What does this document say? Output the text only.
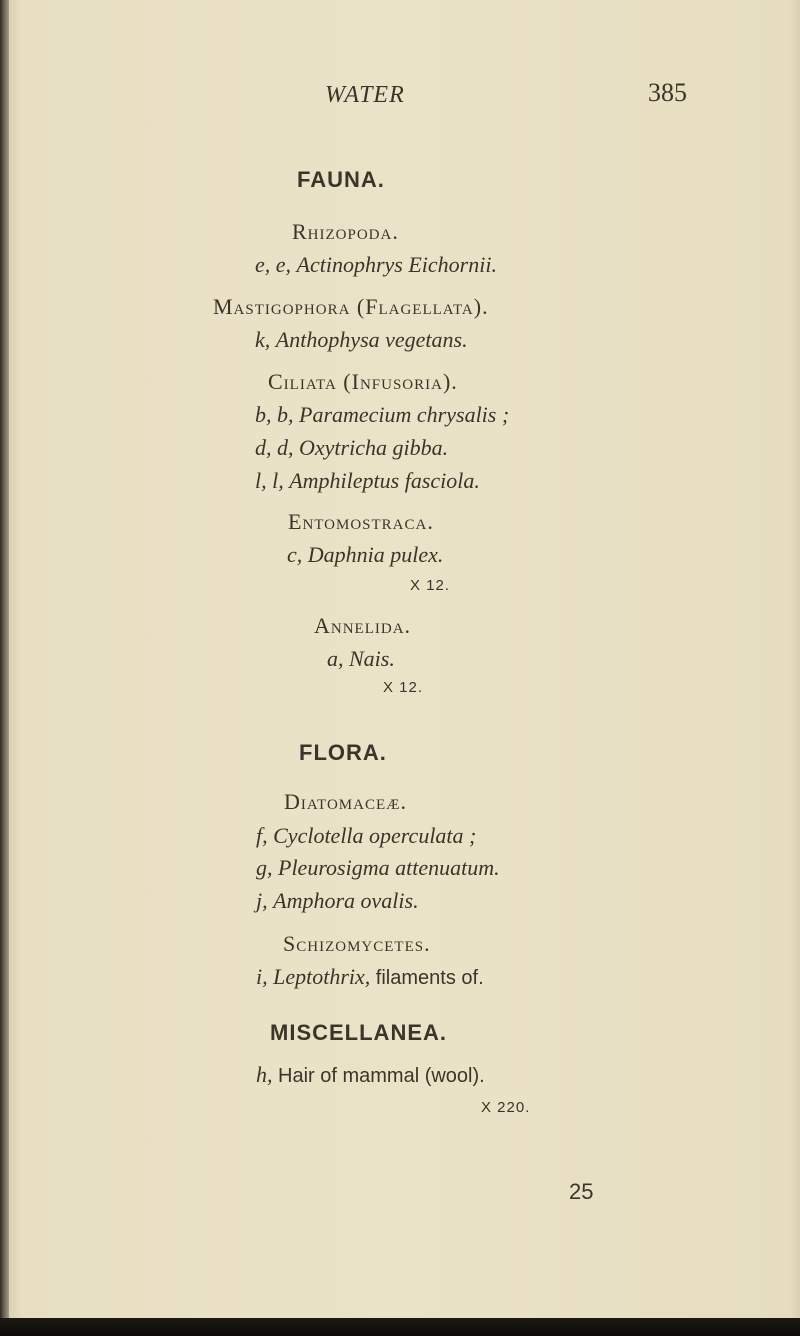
WATER	385
FAUNA.
Rhizopoda.
e, e, Actinophrys Eichornii.
Mastigophora (Flagellata).
k, Anthophysa vegetans.
Ciliata (Infusoria).
b, b, Paramecium chrysalis ;
d, d, Oxytricha gibba.
l, l, Amphileptus fasciola.
Entomostraca.
c, Daphnia pulex.
X 12.
Annelida.
a, Nais.
X 12.
FLORA.
Diatomaceæ.
f, Cyclotella operculata ;
g, Pleurosigma attenuatum.
j, Amphora ovalis.
Schizomycetes.
i, Leptothrix, filaments of.
MISCELLANEA.
h, Hair of mammal (wool).
X 220.
25
